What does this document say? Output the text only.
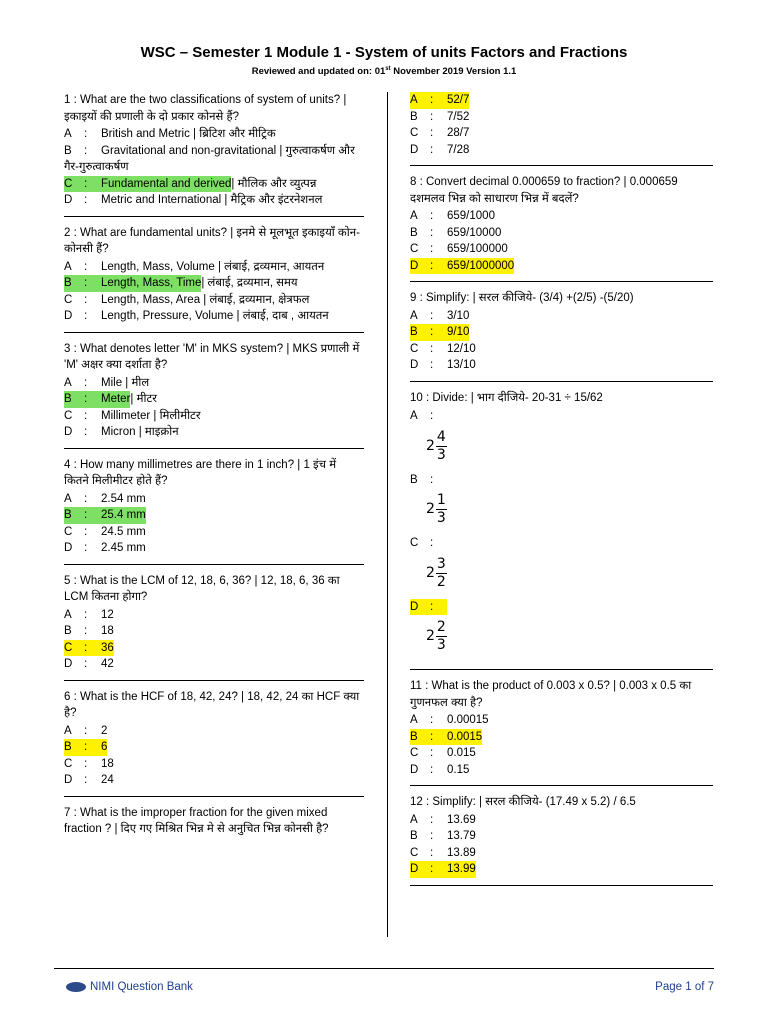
WSC – Semester 1 Module 1 - System of units Factors and Fractions
Reviewed and updated on: 01st November 2019 Version 1.1
1 : What are the two classifications of system of units? | इकाइयों की प्रणाली के दो प्रकार कोनसे हैं?
A : British and Metric | ब्रिटिश और मीट्रिक
B : Gravitational and non-gravitational | गुरुत्वाकर्षण और गैर-गुरुत्वाकर्षण
C : Fundamental and derived | मौलिक और व्युत्पन्न
D : Metric and International | मैट्रिक और इंटरनेशनल
2 : What are fundamental units? | इनमे से मूलभूत इकाइयाँ कोन-कोनसी हैं?
A : Length, Mass, Volume | लंबाई, द्रव्यमान, आयतन
B : Length, Mass, Time | लंबाई, द्रव्यमान, समय
C : Length, Mass, Area | लंबाई, द्रव्यमान, क्षेत्रफल
D : Length, Pressure, Volume | लंबाई, दाब , आयतन
3 : What denotes letter 'M' in MKS system? | MKS प्रणाली में 'M' अक्षर क्या दर्शाता है?
A : Mile | मील
B : Meter | मीटर
C : Millimeter | मिलीमीटर
D : Micron | माइक्रोन
4 : How many millimetres are there in 1 inch? | 1 इंच में कितने मिलीमीटर होते हैं?
A : 2.54 mm
B : 25.4 mm
C : 24.5 mm
D : 2.45 mm
5 : What is the LCM of 12, 18, 6, 36? | 12, 18, 6, 36 का LCM कितना होगा?
A : 12
B : 18
C : 36
D : 42
6 : What is the HCF of 18, 42, 24? | 18, 42, 24 का HCF क्या है?
A : 2
B : 6
C : 18
D : 24
7 : What is the improper fraction for the given mixed fraction ? | दिए गए मिश्रित भिन्न मे से अनुचित भिन्न कोनसी है?
A : 52/7
B : 7/52
C : 28/7
D : 7/28
8 : Convert decimal 0.000659 to fraction? | 0.000659 दशमलव भिन्न को साधारण भिन्न में बदलें?
A : 659/1000
B : 659/10000
C : 659/100000
D : 659/1000000
9 : Simplify: | सरल कीजिये- (3/4) +(2/5) -(5/20)
A : 3/10
B : 9/10
C : 12/10
D : 13/10
10 : Divide: | भाग दीजिये- 20-31 ÷ 15/62
A :
$2 \frac{4}{3}$
B :
$2 \frac{1}{3}$
C :
$2 \frac{3}{2}$
D :
$2 \frac{2}{3}$
11 : What is the product of 0.003 x 0.5? | 0.003 x 0.5 का गुणनफल क्या है?
A : 0.00015
B : 0.0015
C : 0.015
D : 0.15
12 : Simplify: | सरल कीजिये- (17.49 x 5.2) / 6.5
A : 13.69
B : 13.79
C : 13.89
D : 13.99
NIMI Question Bank	Page 1 of 7
